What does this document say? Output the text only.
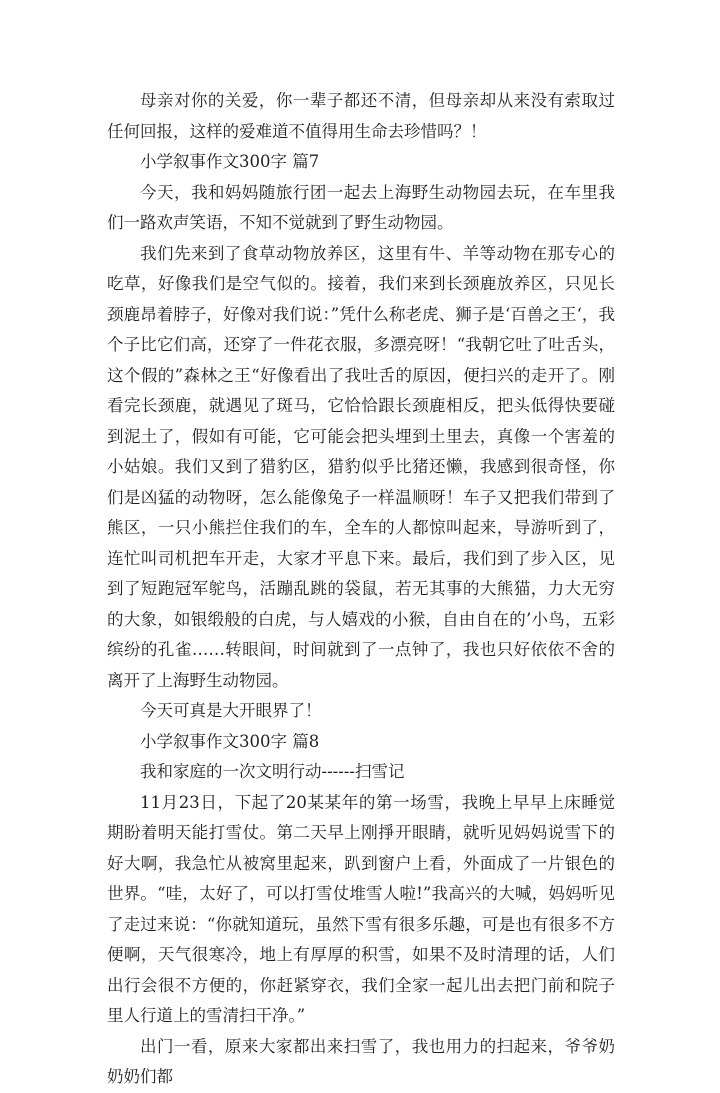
母亲对你的关爱，你一辈子都还不清，但母亲却从来没有索取过任何回报，这样的爱难道不值得用生命去珍惜吗？！

小学叙事作文300字 篇7

今天，我和妈妈随旅行团一起去上海野生动物园去玩，在车里我们一路欢声笑语，不知不觉就到了野生动物园。

我们先来到了食草动物放养区，这里有牛、羊等动物在那专心的吃草，好像我们是空气似的。接着，我们来到长颈鹿放养区，只见长颈鹿昂着脖子，好像对我们说：”凭什么称老虎、狮子是‘百兽之王‘，我个子比它们高，还穿了一件花衣服，多漂亮呀！“我朝它吐了吐舌头，这个假的”森林之王“好像看出了我吐舌的原因，便扫兴的走开了。刚看完长颈鹿，就遇见了斑马，它恰恰跟长颈鹿相反，把头低得快要碰到泥土了，假如有可能，它可能会把头埋到土里去，真像一个害羞的小姑娘。我们又到了猎豹区，猎豹似乎比猪还懒，我感到很奇怪，你们是凶猛的动物呀，怎么能像兔子一样温顺呀！车子又把我们带到了熊区，一只小熊拦住我们的车，全车的人都惊叫起来，导游听到了，连忙叫司机把车开走，大家才平息下来。最后，我们到了步入区，见到了短跑冠军鸵鸟，活蹦乱跳的袋鼠，若无其事的大熊猫，力大无穷的大象，如银缎般的白虎，与人嬉戏的小猴，自由自在的’小鸟，五彩缤纷的孔雀……转眼间，时间就到了一点钟了，我也只好依依不舍的离开了上海野生动物园。

今天可真是大开眼界了！

小学叙事作文300字 篇8

我和家庭的一次文明行动------扫雪记

11月23日，下起了20某某年的第一场雪，我晚上早早上床睡觉期盼着明天能打雪仗。第二天早上刚掙开眼睛，就听见妈妈说雪下的好大啊，我急忙从被窝里起来，趴到窗户上看，外面成了一片银色的世界。“哇，太好了，可以打雪仗堆雪人啦!”我高兴的大喊，妈妈听见了走过来说：“你就知道玩，虽然下雪有很多乐趣，可是也有很多不方便啊，天气很寒冷，地上有厚厚的积雪，如果不及时清理的话，人们出行会很不方便的，你赶紧穿衣，我们全家一起儿出去把门前和院子里人行道上的雪清扫干净。”

出门一看，原来大家都出来扫雪了，我也用力的扫起来，爷爷奶奶奶们都
